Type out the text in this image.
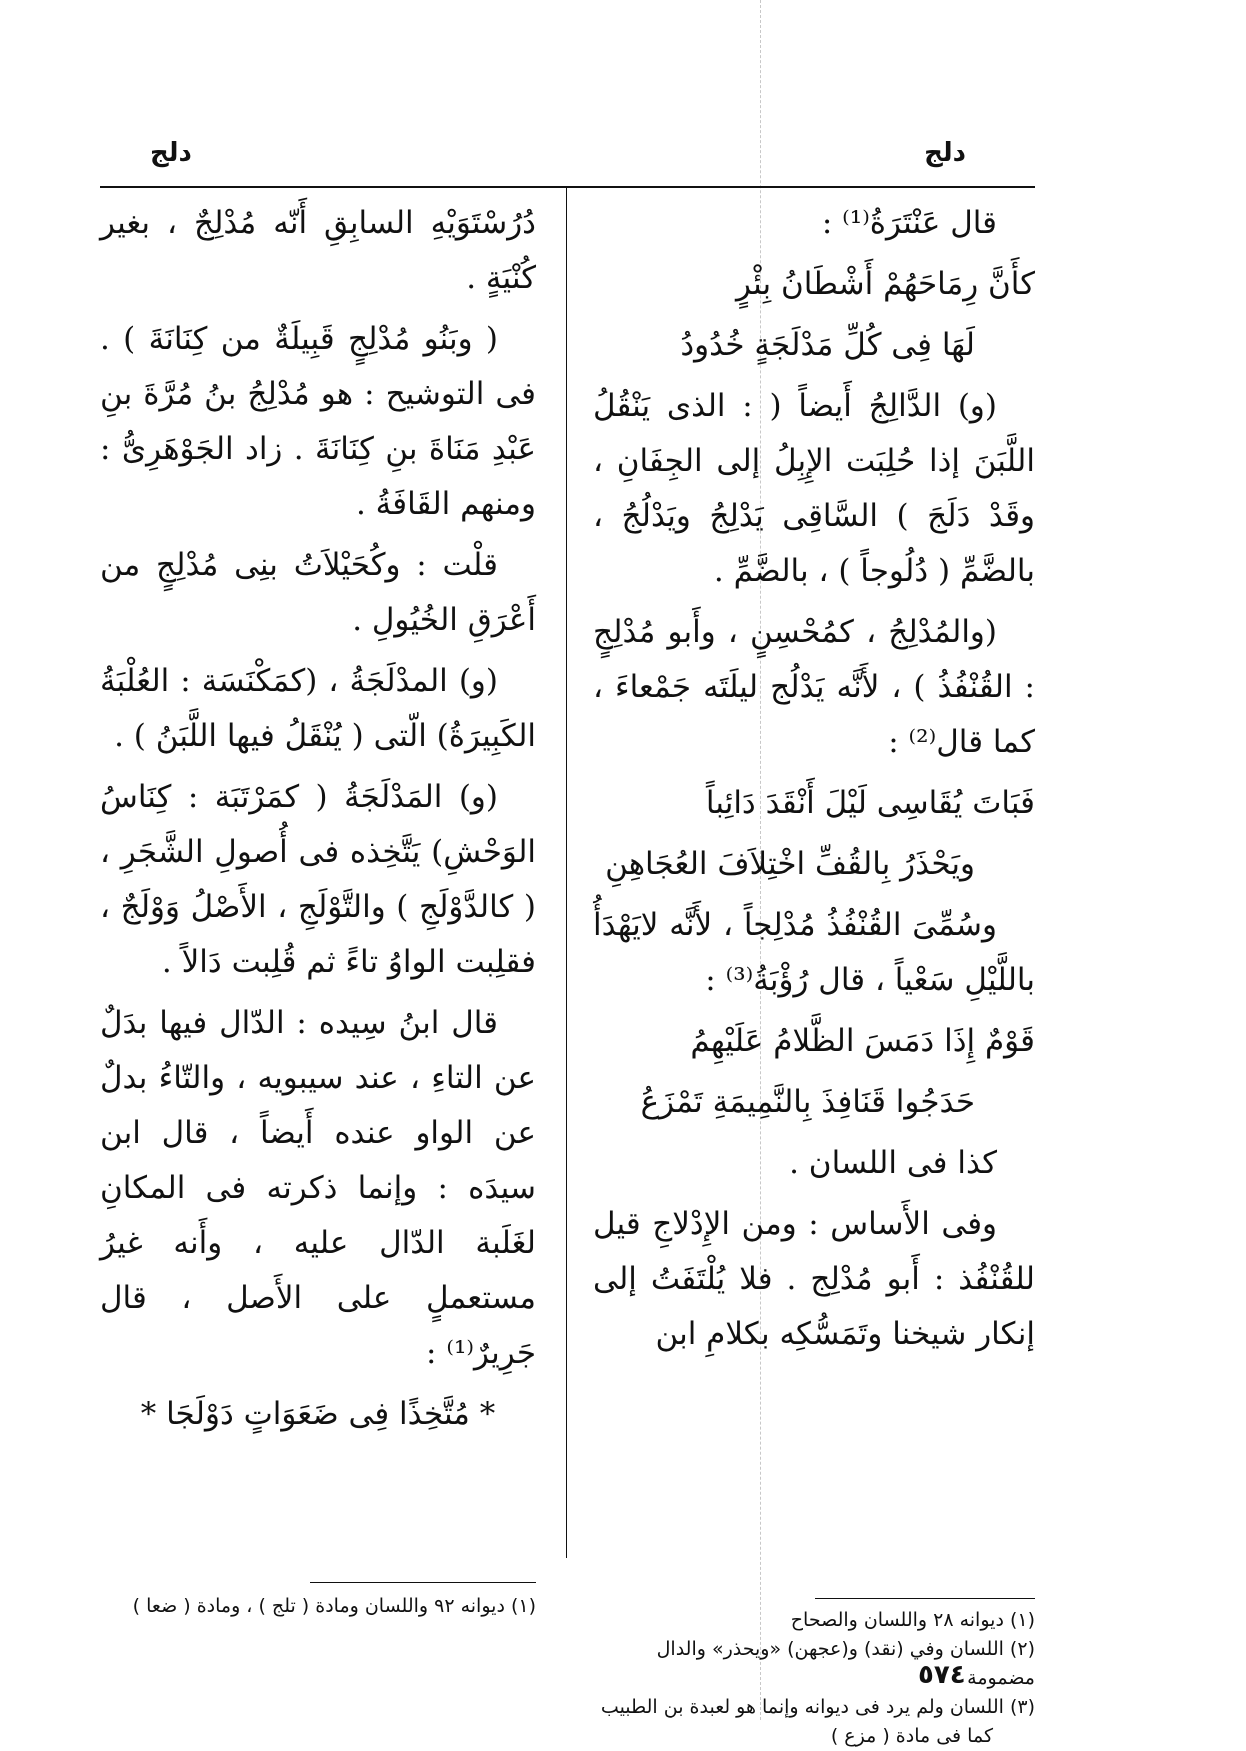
دلج
دلج

قال عَنْتَرَةُ⁽¹⁾ :

كأَنَّ رِمَاحَهُمْ أَشْطَانُ بِئْرٍ

لَهَا فِى كُلِّ مَدْلَجَةٍ خُدُودُ

(و) الدَّالِجُ أَيضاً ( : الذى يَنْقُلُ اللَّبَنَ إذا حُلِبَت الإِبِلُ إلى الجِفَانِ ، وقَدْ دَلَجَ ) السَّاقِى يَدْلِجُ ويَدْلُجُ ، بالضَّمِّ ( دُلُوجاً ) ، بالضَّمِّ .

(والمُدْلِجُ ، كمُحْسِنٍ ، وأَبو مُدْلِجٍ : القُنْفُذُ ) ، لأَنَّه يَدْلُج ليلَتَه جَمْعاءَ ، كما قال⁽²⁾ :

فَبَاتَ يُقَاسِى لَيْلَ أَنْقَدَ دَائِباً

ويَحْذَرُ بِالقُفِّ اخْتِلاَفَ العُجَاهِنِ

وسُمِّىَ القُنْفُذُ مُدْلِجاً ، لأَنَّه لايَهْدَأُ باللَّيْلِ سَعْياً ، قال رُؤْبَةُ⁽³⁾ :

قَوْمٌ إِذَا دَمَسَ الظَّلامُ عَلَيْهِمُ

حَدَجُوا قَنَافِذَ بِالنَّمِيمَةِ تَمْزَعُ

كذا فى اللسان .

وفى الأَساس : ومن الإِدْلاجِ قيل للقُنْفُذ : أَبو مُدْلِج . فلا يُلْتَفَتُ إلى إنكار شيخنا وتَمَسُّكِه بكلامِ ابن

دُرُسْتَوَيْهِ السابِقِ أَنّه مُدْلِجٌ ، بغير كُنْيَةٍ .

( وبَنُو مُدْلِجٍ قَبِيلَةٌ من كِنَانَةَ ) . فى التوشيح : هو مُدْلِجُ بنُ مُرَّةَ بنِ عَبْدِ مَنَاةَ بنِ كِنَانَةَ . زاد الجَوْهَرِىُّ : ومنهم القَافَةُ .

قلْت : وكُحَيْلاَتُ بنِى مُدْلِجٍ من أَعْرَقِ الخُيُولِ .

(و) المدْلَجَةُ ، (كمَكْنَسَة : العُلْبَةُ الكَبِيرَةُ) الّتى ( يُنْقَلُ فيها اللَّبَنُ ) .

(و) المَدْلَجَةُ ( كمَرْتَبَة : كِنَاسُ الوَحْشِ) يَتَّخِذه فى أُصولِ الشَّجَرِ ، ( كالدَّوْلَجِ ) والتَّوْلَجِ ، الأَصْلُ وَوْلَجٌ ، فقلِبت الواوُ تاءً ثم قُلِبت دَالاً .

قال ابنُ سِيده : الدّال فيها بدَلٌ عن التاءِ ، عند سيبويه ، والتّاءُ بدلٌ عن الواو عنده أَيضاً ، قال ابن سيدَه : وإنما ذكرته فى المكانِ لغَلَبة الدّال عليه ، وأَنه غيرُ مستعملٍ على الأَصل ، قال جَرِيرٌ⁽¹⁾ :

* مُتَّخِذًا فِى ضَعَوَاتٍ دَوْلَجَا *

(١) ديوانه ٢٨ واللسان والصحاح
(٢) اللسان وفي (نقد) و(عجهن) «ويحذر» والدال مضمومة
(٣) اللسان ولم يرد فى ديوانه وإنما هو لعبدة بن الطبيب
كما فى مادة ( مزع )
(١) ديوانه ٩٢ واللسان ومادة ( تلج ) ، ومادة ( ضعا )
٥٧٤
